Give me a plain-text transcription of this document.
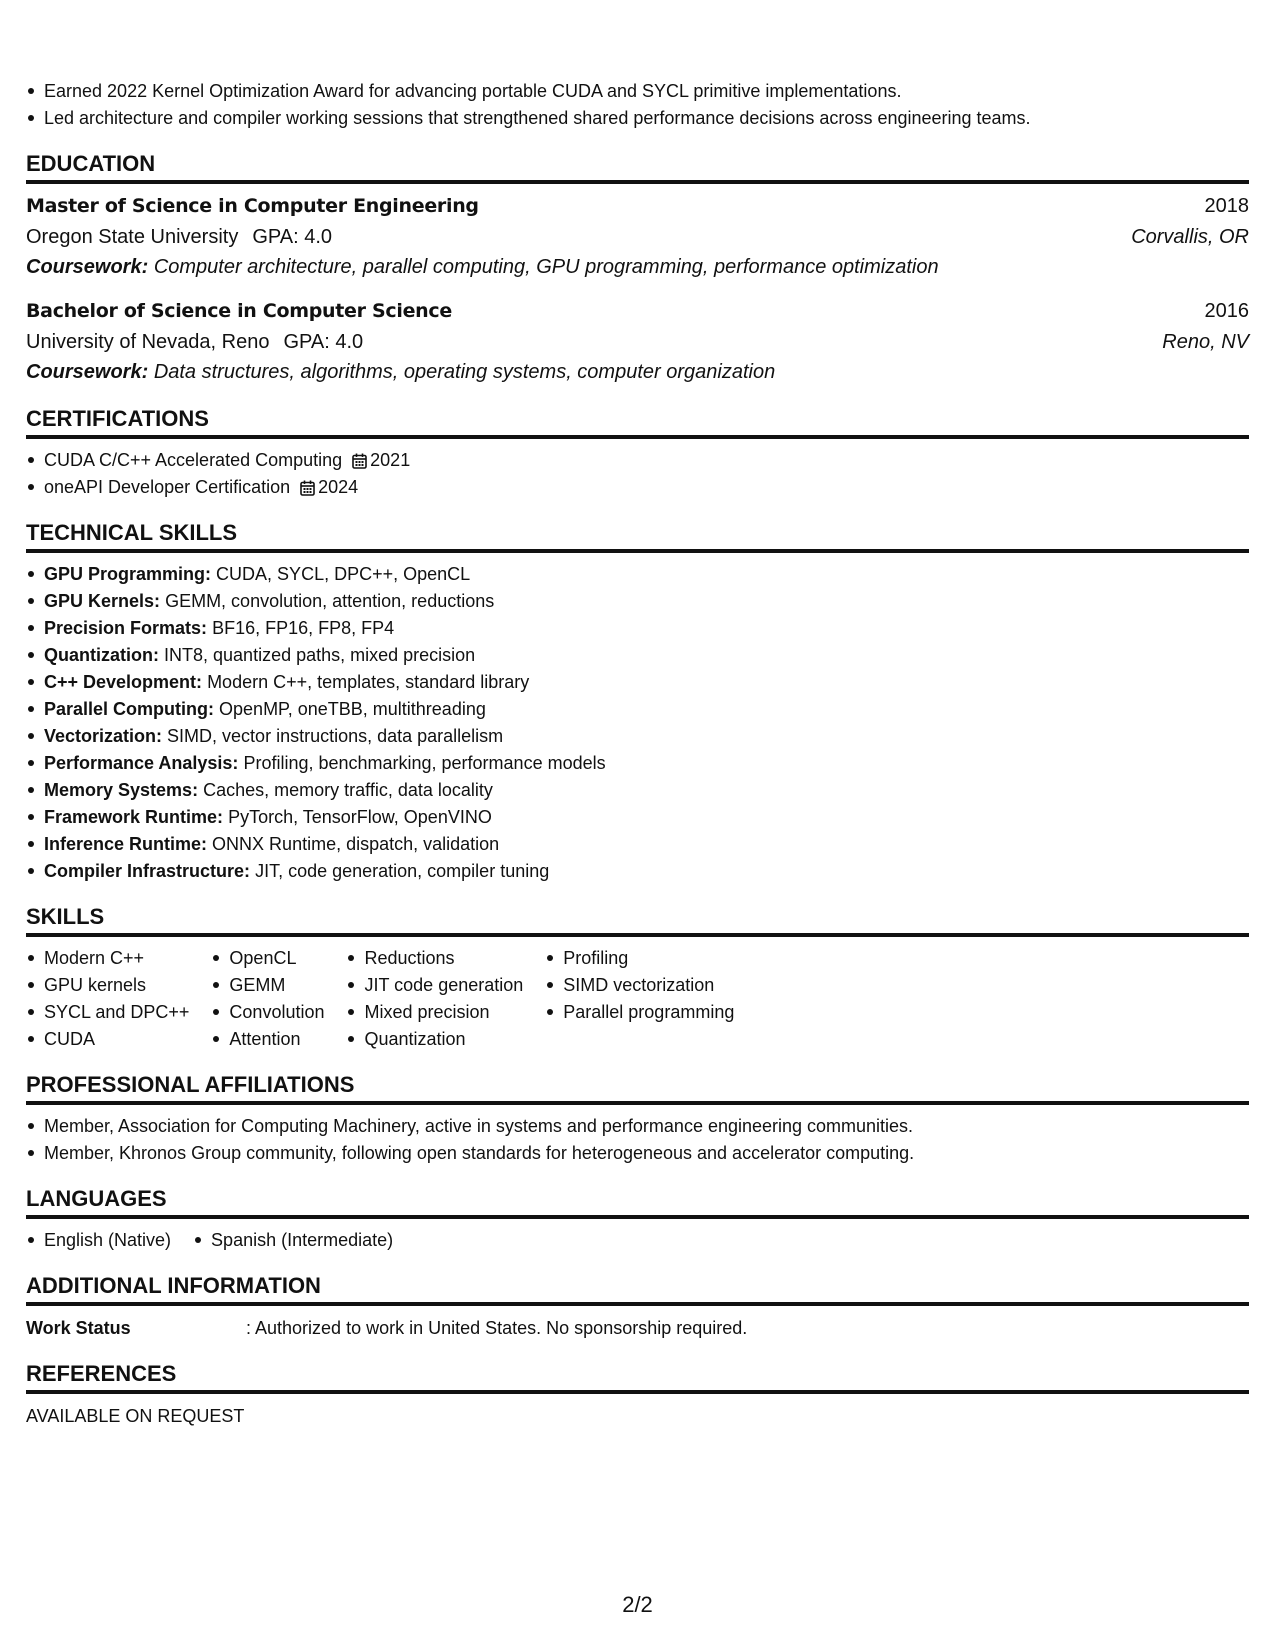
Earned 2022 Kernel Optimization Award for advancing portable CUDA and SYCL primitive implementations.
Led architecture and compiler working sessions that strengthened shared performance decisions across engineering teams.
EDUCATION
Master of Science in Computer Engineering	2018
Oregon State University GPA: 4.0	Corvallis, OR
Coursework: Computer architecture, parallel computing, GPU programming, performance optimization
Bachelor of Science in Computer Science	2016
University of Nevada, Reno GPA: 4.0	Reno, NV
Coursework: Data structures, algorithms, operating systems, computer organization
CERTIFICATIONS
CUDA C/C++ Accelerated Computing 2021
oneAPI Developer Certification 2024
TECHNICAL SKILLS
GPU Programming: CUDA, SYCL, DPC++, OpenCL
GPU Kernels: GEMM, convolution, attention, reductions
Precision Formats: BF16, FP16, FP8, FP4
Quantization: INT8, quantized paths, mixed precision
C++ Development: Modern C++, templates, standard library
Parallel Computing: OpenMP, oneTBB, multithreading
Vectorization: SIMD, vector instructions, data parallelism
Performance Analysis: Profiling, benchmarking, performance models
Memory Systems: Caches, memory traffic, data locality
Framework Runtime: PyTorch, TensorFlow, OpenVINO
Inference Runtime: ONNX Runtime, dispatch, validation
Compiler Infrastructure: JIT, code generation, compiler tuning
SKILLS
Modern C++
GPU kernels
SYCL and DPC++
CUDA
OpenCL
GEMM
Convolution
Attention
Reductions
JIT code generation
Mixed precision
Quantization
Profiling
SIMD vectorization
Parallel programming
PROFESSIONAL AFFILIATIONS
Member, Association for Computing Machinery, active in systems and performance engineering communities.
Member, Khronos Group community, following open standards for heterogeneous and accelerator computing.
LANGUAGES
English (Native)	Spanish (Intermediate)
ADDITIONAL INFORMATION
Work Status	: Authorized to work in United States. No sponsorship required.
REFERENCES
AVAILABLE ON REQUEST
2/2
